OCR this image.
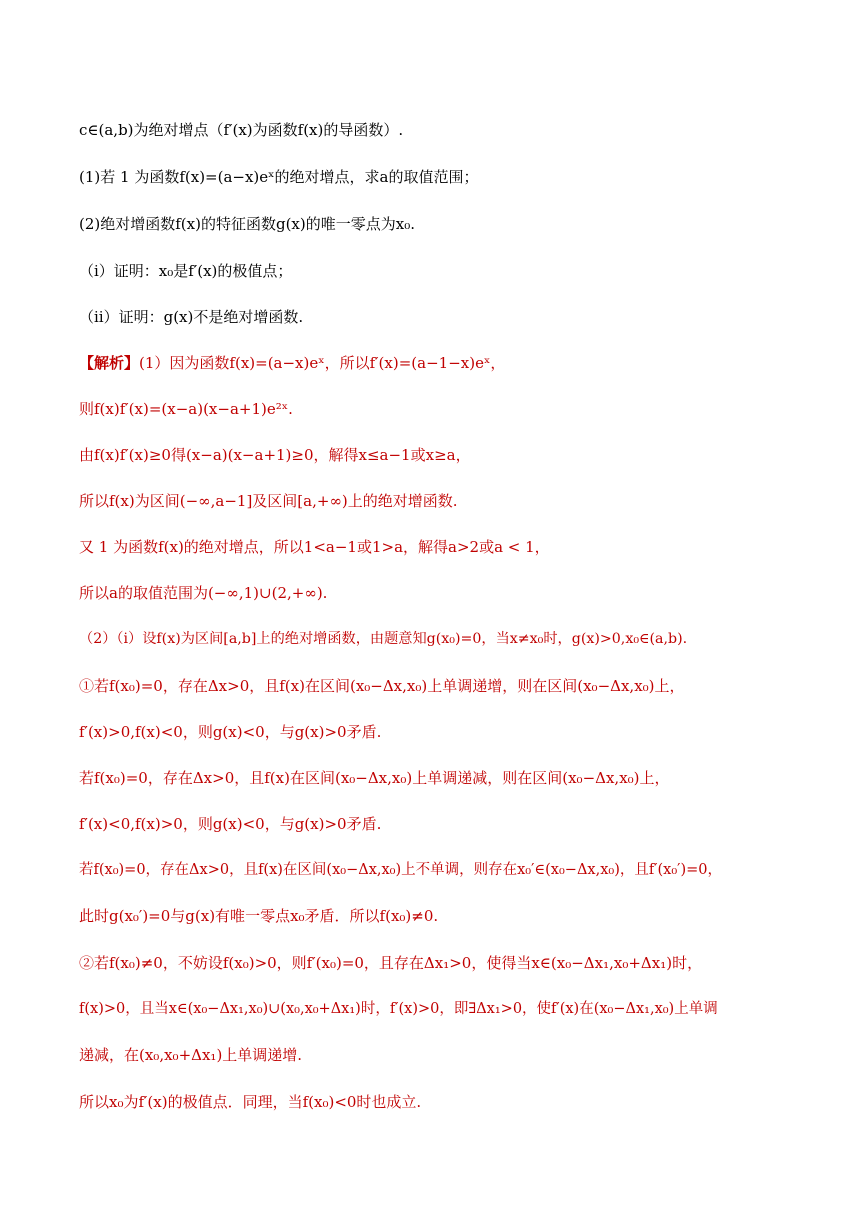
c∈(a,b)为绝对增点（f′(x)为函数f(x)的导函数）.
(1)若 1 为函数f(x)=(a−x)eˣ的绝对增点，求a的取值范围；
(2)绝对增函数f(x)的特征函数g(x)的唯一零点为x₀.
（ⅰ）证明：x₀是f′(x)的极值点；
（ⅱ）证明：g(x)不是绝对增函数.
【解析】(1）因为函数f(x)=(a−x)eˣ，所以f′(x)=(a−1−x)eˣ，
则f(x)f′(x)=(x−a)(x−a+1)e²ˣ.
由f(x)f′(x)≥0得(x−a)(x−a+1)≥0，解得x≤a−1或x≥a，
所以f(x)为区间(−∞,a−1]及区间[a,+∞)上的绝对增函数.
又 1 为函数f(x)的绝对增点，所以1<a−1或1>a，解得a>2或a < 1，
所以a的取值范围为(−∞,1)∪(2,+∞).
（2）（ⅰ）设f(x)为区间[a,b]上的绝对增函数，由题意知g(x₀)=0，当x≠x₀时，g(x)>0,x₀∈(a,b).
①若f(x₀)=0，存在Δx>0，且f(x)在区间(x₀−Δx,x₀)上单调递增，则在区间(x₀−Δx,x₀)上，
f′(x)>0,f(x)<0，则g(x)<0，与g(x)>0矛盾.
若f(x₀)=0，存在Δx>0，且f(x)在区间(x₀−Δx,x₀)上单调递减，则在区间(x₀−Δx,x₀)上，
f′(x)<0,f(x)>0，则g(x)<0，与g(x)>0矛盾.
若f(x₀)=0，存在Δx>0，且f(x)在区间(x₀−Δx,x₀)上不单调，则存在x₀′∈(x₀−Δx,x₀)，且f′(x₀′)=0，
此时g(x₀′)=0与g(x)有唯一零点x₀矛盾．所以f(x₀)≠0.
②若f(x₀)≠0，不妨设f(x₀)>0，则f′(x₀)=0，且存在Δx₁>0，使得当x∈(x₀−Δx₁,x₀+Δx₁)时，
f(x)>0，且当x∈(x₀−Δx₁,x₀)∪(x₀,x₀+Δx₁)时，f′(x)>0，即∃Δx₁>0，使f′(x)在(x₀−Δx₁,x₀)上单调
递减，在(x₀,x₀+Δx₁)上单调递增.
所以x₀为f′(x)的极值点．同理，当f(x₀)<0时也成立.
